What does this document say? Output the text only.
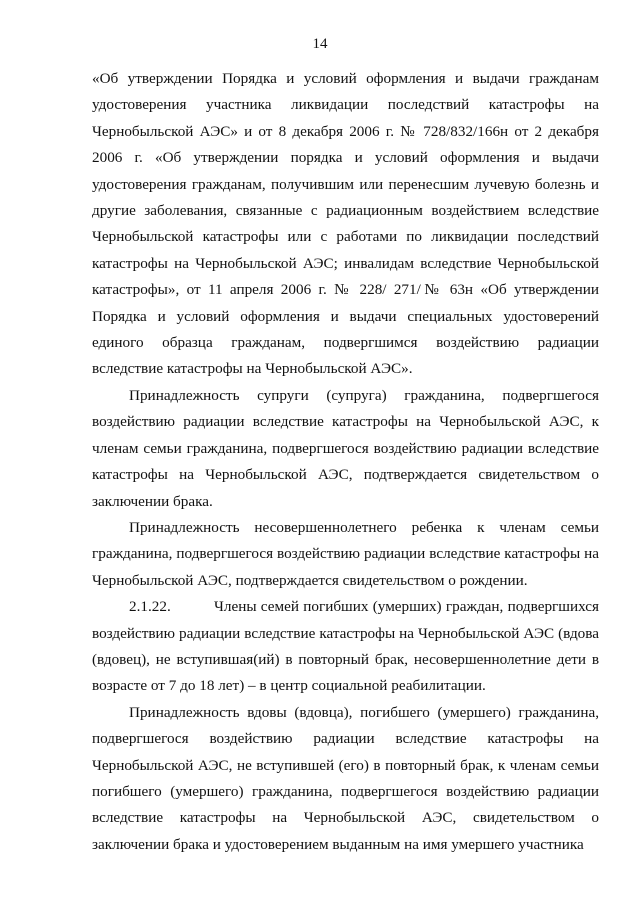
14

«Об утверждении Порядка и условий оформления и выдачи гражданам удостоверения участника ликвидации последствий катастрофы на Чернобыльской АЭС» и от 8 декабря 2006 г. № 728/832/166н от 2 декабря 2006 г. «Об утверждении порядка и условий оформления и выдачи удостоверения гражданам, получившим или перенесшим лучевую болезнь и другие заболевания, связанные с радиационным воздействием вследствие Чернобыльской катастрофы или с работами по ликвидации последствий катастрофы на Чернобыльской АЭС; инвалидам вследствие Чернобыльской катастрофы», от 11 апреля 2006 г. № 228/ 271/№ 63н «Об утверждении Порядка и условий оформления и выдачи специальных удостоверений единого образца гражданам, подвергшимся воздействию радиации вследствие катастрофы на Чернобыльской АЭС».

Принадлежность супруги (супруга) гражданина, подвергшегося воздействию радиации вследствие катастрофы на Чернобыльской АЭС, к членам семьи гражданина, подвергшегося воздействию радиации вследствие катастрофы на Чернобыльской АЭС, подтверждается свидетельством о заключении брака.

Принадлежность несовершеннолетнего ребенка к членам семьи гражданина, подвергшегося воздействию радиации вследствие катастрофы на Чернобыльской АЭС, подтверждается свидетельством о рождении.

2.1.22.	Члены семей погибших (умерших) граждан, подвергшихся воздействию радиации вследствие катастрофы на Чернобыльской АЭС (вдова (вдовец), не вступившая(ий) в повторный брак, несовершеннолетние дети в возрасте от 7 до 18 лет) – в центр социальной реабилитации.

Принадлежность вдовы (вдовца), погибшего (умершего) гражданина, подвергшегося воздействию радиации вследствие катастрофы на Чернобыльской АЭС, не вступившей (его) в повторный брак, к членам семьи погибшего (умершего) гражданина, подвергшегося воздействию радиации вследствие катастрофы на Чернобыльской АЭС, свидетельством о заключении брака и удостоверением выданным на имя умершего участника
